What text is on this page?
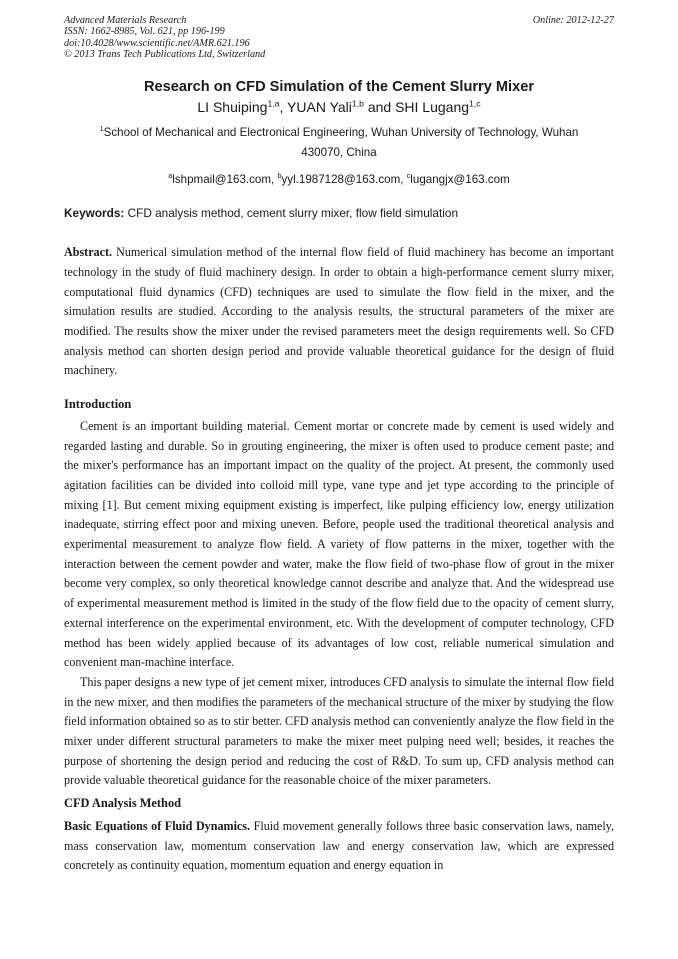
Advanced Materials Research
ISSN: 1662-8985, Vol. 621, pp 196-199
doi:10.4028/www.scientific.net/AMR.621.196
© 2013 Trans Tech Publications Ltd, Switzerland
Online: 2012-12-27
Research on CFD Simulation of the Cement Slurry Mixer
LI Shuiping$^{1,a}$, YUAN Yali$^{1,b}$ and SHI Lugang$^{1,c}$
$^1$School of Mechanical and Electronical Engineering, Wuhan University of Technology, Wuhan
430070, China
$^a$lshpmail@163.com, $^b$yyl.1987128@163.com, $^c$lugangjx@163.com
Keywords: CFD analysis method, cement slurry mixer, flow field simulation

Abstract. Numerical simulation method of the internal flow field of fluid machinery has become an important technology in the study of fluid machinery design. In order to obtain a high-performance cement slurry mixer, computational fluid dynamics (CFD) techniques are used to simulate the flow field in the mixer, and the simulation results are studied. According to the analysis results, the structural parameters of the mixer are modified. The results show the mixer under the revised parameters meet the design requirements well. So CFD analysis method can shorten design period and provide valuable theoretical guidance for the design of fluid machinery.

Introduction

Cement is an important building material. Cement mortar or concrete made by cement is used widely and regarded lasting and durable. So in grouting engineering, the mixer is often used to produce cement paste; and the mixer's performance has an important impact on the quality of the project. At present, the commonly used agitation facilities can be divided into colloid mill type, vane type and jet type according to the principle of mixing [1]. But cement mixing equipment existing is imperfect, like pulping efficiency low, energy utilization inadequate, stirring effect poor and mixing uneven. Before, people used the traditional theoretical analysis and experimental measurement to analyze flow field. A variety of flow patterns in the mixer, together with the interaction between the cement powder and water, make the flow field of two-phase flow of grout in the mixer become very complex, so only theoretical knowledge cannot describe and analyze that. And the widespread use of experimental measurement method is limited in the study of the flow field due to the opacity of cement slurry, external interference on the experimental environment, etc. With the development of computer technology, CFD method has been widely applied because of its advantages of low cost, reliable numerical simulation and convenient man-machine interface.

This paper designs a new type of jet cement mixer, introduces CFD analysis to simulate the internal flow field in the new mixer, and then modifies the parameters of the mechanical structure of the mixer by studying the flow field information obtained so as to stir better. CFD analysis method can conveniently analyze the flow field in the mixer under different structural parameters to make the mixer meet pulping need well; besides, it reaches the purpose of shortening the design period and reducing the cost of R&D. To sum up, CFD analysis method can provide valuable theoretical guidance for the reasonable choice of the mixer parameters.

CFD Analysis Method

Basic Equations of Fluid Dynamics. Fluid movement generally follows three basic conservation laws, namely, mass conservation law, momentum conservation law and energy conservation law, which are expressed concretely as continuity equation, momentum equation and energy equation in
